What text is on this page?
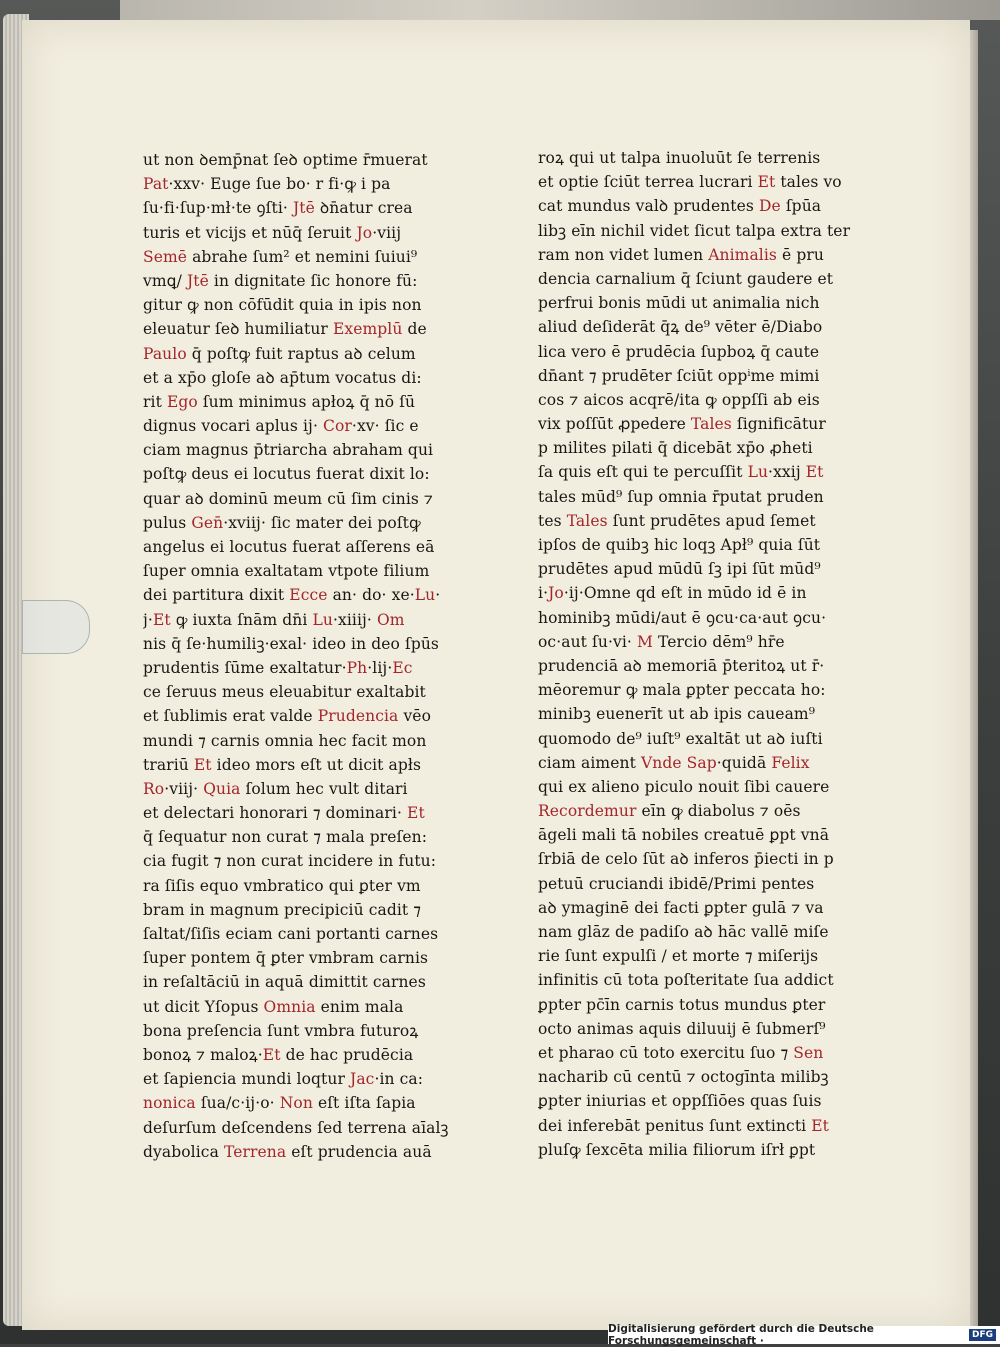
ut non ꝺemp̄nat ſeꝺ optime r̄muerat
Pat·xxv· Euge ſue bo· r fi·ꝙ i pa
ſu·fi·ſup·mł·te ꝯſti· Jtē ꝺn̄atur crea
turis et vicijs et nūq̄ ſeruit Jo·viij
Semē abrahe ſum² et nemini ſuiui⁹
vmꝗ/ Jtē in dignitate ſic honore fū:
gitur ꝙ non cōfūdit quia in ipis non
eleuatur ſeꝺ humiliatur Exemplū de
Paulo q̄ poſtꝙ fuit raptus aꝺ celum
et a xp̄o gloſe aꝺ ap̄tum vocatus di:
rit Ego ſum minimus apłoꝝ q̄ nō ſū
dignus vocari aplus ij· Cor·xv· ſic e
ciam magnus p̄triarcha abraham qui
poſtꝙ deus ei locutus fuerat dixit lo:
quar aꝺ dominū meum cū ſim cinis ⁊
pulus Gen̄·xviij· ſic mater dei poſtꝙ
angelus ei locutus fuerat aſſerens eā
ſuper omnia exaltatam vtpote filium
dei partitura dixit Ecce an· do· xe·Lu·
j·Et ꝙ iuxta ſnām dn̄i Lu·xiiij· Om
nis q̄ ſe·humiliꝫ·exal· ideo in deo ſpūs
prudentis ſūme exaltatur·Ph·lij·Ec
ce ſeruus meus eleuabitur exaltabit
et ſublimis erat valde Prudencia vēo
mundi ⁊ carnis omnia hec facit mon
trariū Et ideo mors eſt ut dicit apłs
Ro·viij· Quia ſolum hec vult ditari
et delectari honorari ⁊ dominari· Et
q̄ ſequatur non curat ⁊ mala preſen:
cia fugit ⁊ non curat incidere in futu:
ra ſiſis equo vmbratico qui ꝑter vm
bram in magnum precipiciū cadit ⁊
ſaltat/ſiſis eciam cani portanti carnes
ſuper pontem q̄ ꝑter vmbram carnis
in reſaltāciū in aquā dimittit carnes
ut dicit Yſopus Omnia enim mala
bona preſencia ſunt vmbra futuroꝝ
bonoꝝ ⁊ maloꝝ·Et de hac prudēcia
et ſapiencia mundi loqtur Jac·in ca:
nonica ſua/c·ij·o· Non eſt iſta ſapia
deſurſum deſcendens ſed terrena aīalꝫ
dyabolica Terrena eſt prudencia auā
roꝝ qui ut talpa inuoluūt ſe terrenis
et optie ſciūt terrea lucrari Et tales vo
cat mundus valꝺ prudentes De ſpūa
libꝫ eīn nichil videt ſicut talpa extra ter
ram non videt lumen Animalis ē pru
dencia carnalium q̄ ſciunt gaudere et
perfrui bonis mūdi ut animalia nich
aliud deſiderāt q̄ꝝ de⁹ vēter ē/Diabo
lica vero ē prudēcia ſupboꝝ q̄ caute
dn̄ant ⁊ prudēter ſciūt oppⁱme mimi
cos ⁊ aicos acqrē/ita ꝙ oppſſi ab eis
vix poſſūt ꝓpedere Tales ſignificātur
p milites pilati q̄ dicebāt xp̄o ꝓheti
ſa quis eſt qui te percuſſit Lu·xxij Et
tales mūd⁹ ſup omnia r̄putat pruden
tes Tales ſunt prudētes apud ſemet
ipſos de quibꝫ hic loqꝫ Apł⁹ quia ſūt
prudētes apud mūdū ſꝫ ipi ſūt mūd⁹
i·Jo·ij·Omne qd eſt in mūdo id ē in
hominibꝫ mūdi/aut ē ꝯcu·ca·aut ꝯcu·
oc·aut ſu·vi· M Tercio dēm⁹ hr̄e
prudenciā aꝺ memoriā p̄teritoꝝ ut r̄·
mēoremur ꝙ mala ꝑpter peccata ho:
minibꝫ euenerīt ut ab ipis caueam⁹
quomodo de⁹ iuſt⁹ exaltāt ut aꝺ iuſti
ciam aiment Vnde Sap·quidā Felix
qui ex alieno piculo nouit ſibi cauere
Recordemur eīn ꝙ diabolus ⁊ oēs
āgeli mali tā nobiles creatuē ꝑpt vnā
ſrbiā de celo ſūt aꝺ inferos p̄iecti in p
petuū cruciandi ibidē/Primi pentes
aꝺ ymaginē dei facti ꝑpter gulā ⁊ va
nam glāz de padiſo aꝺ hāc vallē miſe
rie ſunt expulſi / et morte ⁊ miſerijs
infinitis cū tota poſteritate ſua addict
ꝑpter pc̄īn carnis totus mundus ꝑter
octo animas aquis diluuij ē ſubmerſ⁹
et pharao cū toto exercitu ſuo ⁊ Sen
nacharib cū centū ⁊ octogīnta milibꝫ
ꝑpter iniurias et oppſſiōes quas ſuis
dei inferebāt penitus ſunt extincti Et
pluſꝙ ſexcēta milia filiorum iſrł ꝑpt
Digitalisierung gefördert durch die Deutsche Forschungsgemeinschaft ·	DFG
